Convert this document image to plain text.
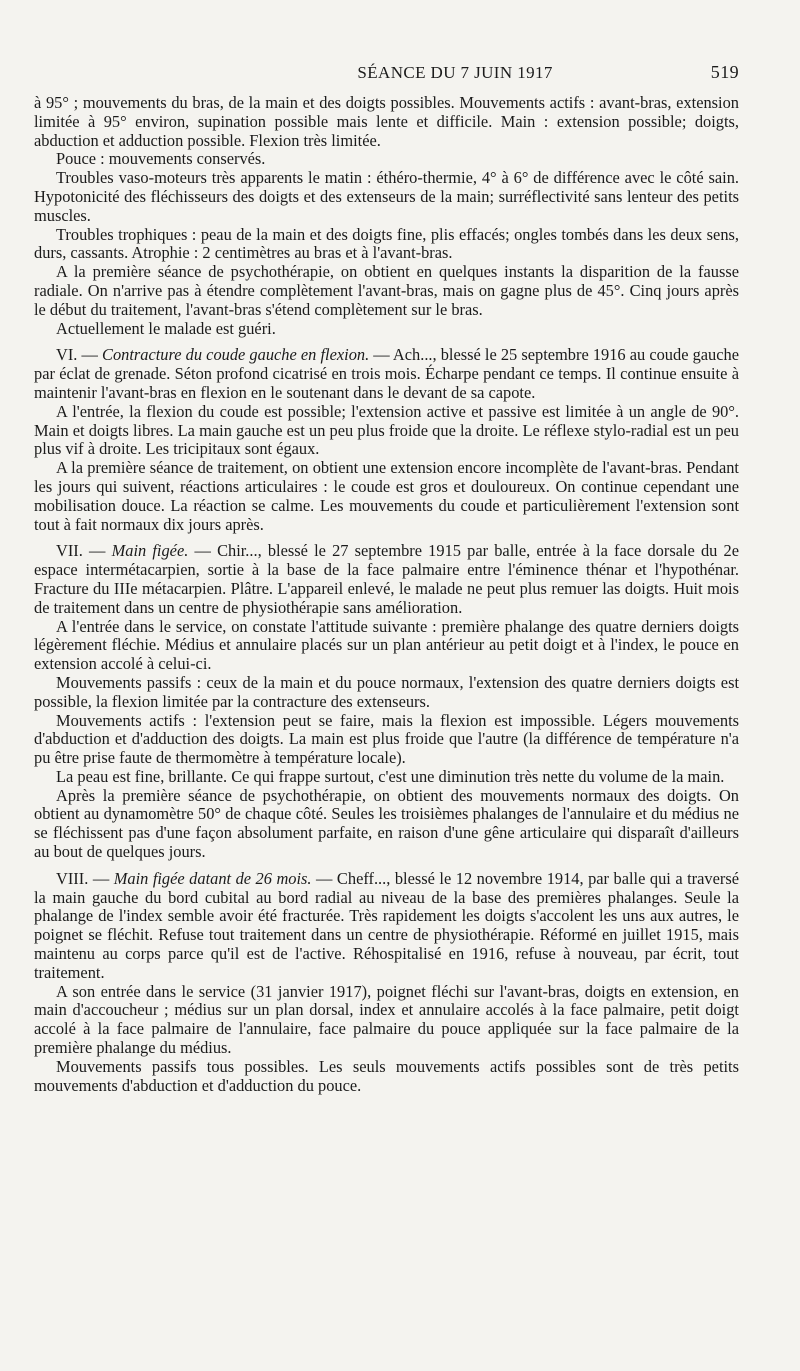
SÉANCE DU 7 JUIN 1917	519

à 95° ; mouvements du bras, de la main et des doigts possibles. Mouvements actifs : avant-bras, extension limitée à 95° environ, supination possible mais lente et difficile. Main : extension possible; doigts, abduction et adduction possible. Flexion très limitée.

Pouce : mouvements conservés.

Troubles vaso-moteurs très apparents le matin : éthéro-thermie, 4° à 6° de différence avec le côté sain. Hypotonicité des fléchisseurs des doigts et des extenseurs de la main; surréflectivité sans lenteur des petits muscles.

Troubles trophiques : peau de la main et des doigts fine, plis effacés; ongles tombés dans les deux sens, durs, cassants. Atrophie : 2 centimètres au bras et à l'avant-bras.

A la première séance de psychothérapie, on obtient en quelques instants la disparition de la fausse radiale. On n'arrive pas à étendre complètement l'avant-bras, mais on gagne plus de 45°. Cinq jours après le début du traitement, l'avant-bras s'étend complètement sur le bras.

Actuellement le malade est guéri.

VI. — Contracture du coude gauche en flexion. — Ach..., blessé le 25 septembre 1916 au coude gauche par éclat de grenade. Séton profond cicatrisé en trois mois. Écharpe pendant ce temps. Il continue ensuite à maintenir l'avant-bras en flexion en le soutenant dans le devant de sa capote.

A l'entrée, la flexion du coude est possible; l'extension active et passive est limitée à un angle de 90°. Main et doigts libres. La main gauche est un peu plus froide que la droite. Le réflexe stylo-radial est un peu plus vif à droite. Les tricipitaux sont égaux.

A la première séance de traitement, on obtient une extension encore incomplète de l'avant-bras. Pendant les jours qui suivent, réactions articulaires : le coude est gros et douloureux. On continue cependant une mobilisation douce. La réaction se calme. Les mouvements du coude et particulièrement l'extension sont tout à fait normaux dix jours après.

VII. — Main figée. — Chir..., blessé le 27 septembre 1915 par balle, entrée à la face dorsale du 2e espace intermétacarpien, sortie à la base de la face palmaire entre l'éminence thénar et l'hypothénar. Fracture du IIIe métacarpien. Plâtre. L'appareil enlevé, le malade ne peut plus remuer las doigts. Huit mois de traitement dans un centre de physiothérapie sans amélioration.

A l'entrée dans le service, on constate l'attitude suivante : première phalange des quatre derniers doigts légèrement fléchie. Médius et annulaire placés sur un plan antérieur au petit doigt et à l'index, le pouce en extension accolé à celui-ci.

Mouvements passifs : ceux de la main et du pouce normaux, l'extension des quatre derniers doigts est possible, la flexion limitée par la contracture des extenseurs.

Mouvements actifs : l'extension peut se faire, mais la flexion est impossible. Légers mouvements d'abduction et d'adduction des doigts. La main est plus froide que l'autre (la différence de température n'a pu être prise faute de thermomètre à température locale).

La peau est fine, brillante. Ce qui frappe surtout, c'est une diminution très nette du volume de la main.

Après la première séance de psychothérapie, on obtient des mouvements normaux des doigts. On obtient au dynamomètre 50° de chaque côté. Seules les troisièmes phalanges de l'annulaire et du médius ne se fléchissent pas d'une façon absolument parfaite, en raison d'une gêne articulaire qui disparaît d'ailleurs au bout de quelques jours.

VIII. — Main figée datant de 26 mois. — Cheff..., blessé le 12 novembre 1914, par balle qui a traversé la main gauche du bord cubital au bord radial au niveau de la base des premières phalanges. Seule la phalange de l'index semble avoir été fracturée. Très rapidement les doigts s'accolent les uns aux autres, le poignet se fléchit. Refuse tout traitement dans un centre de physiothérapie. Réformé en juillet 1915, mais maintenu au corps parce qu'il est de l'active. Réhospitalisé en 1916, refuse à nouveau, par écrit, tout traitement.

A son entrée dans le service (31 janvier 1917), poignet fléchi sur l'avant-bras, doigts en extension, en main d'accoucheur ; médius sur un plan dorsal, index et annulaire accolés à la face palmaire, petit doigt accolé à la face palmaire de l'annulaire, face palmaire du pouce appliquée sur la face palmaire de la première phalange du médius.

Mouvements passifs tous possibles. Les seuls mouvements actifs possibles sont de très petits mouvements d'abduction et d'adduction du pouce.
